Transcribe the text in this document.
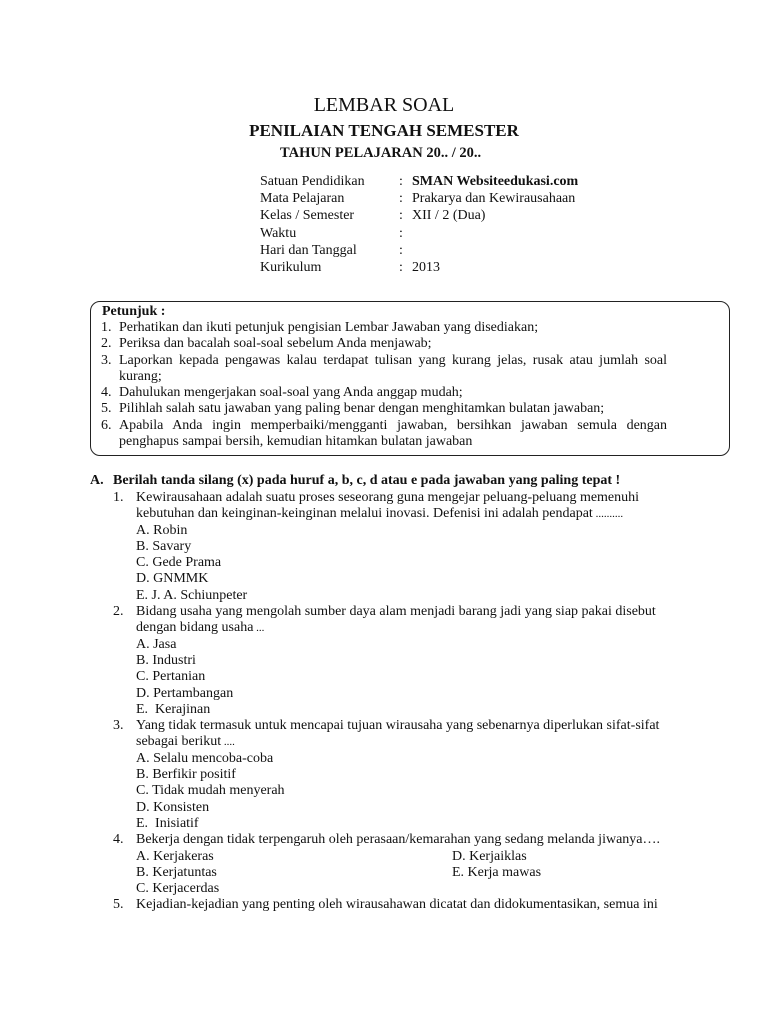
LEMBAR SOAL
PENILAIAN TENGAH SEMESTER
TAHUN PELAJARAN 20.. / 20..
Satuan Pendidikan	: SMAN Websiteedukasi.com
Mata Pelajaran	: Prakarya dan Kewirausahaan
Kelas / Semester	: XII / 2 (Dua)
Waktu	:
Hari dan Tanggal	:
Kurikulum	: 2013
Petunjuk :
1. Perhatikan dan ikuti petunjuk pengisian Lembar Jawaban yang disediakan;
2. Periksa dan bacalah soal-soal sebelum Anda menjawab;
3. Laporkan kepada pengawas kalau terdapat tulisan yang kurang jelas, rusak atau jumlah soal kurang;
4. Dahulukan mengerjakan soal-soal yang Anda anggap mudah;
5. Pilihlah salah satu jawaban yang paling benar dengan menghitamkan bulatan jawaban;
6. Apabila Anda ingin memperbaiki/mengganti jawaban, bersihkan jawaban semula dengan penghapus sampai bersih, kemudian hitamkan bulatan jawaban
A. Berilah tanda silang (x) pada huruf a, b, c, d atau e pada jawaban yang paling tepat !
1. Kewirausahaan adalah suatu proses seseorang guna mengejar peluang-peluang memenuhi kebutuhan dan keinginan-keinginan melalui inovasi. Defenisi ini adalah pendapat ..........
A. Robin
B. Savary
C. Gede Prama
D. GNMMK
E. J. A. Schiunpeter
2. Bidang usaha yang mengolah sumber daya alam menjadi barang jadi yang siap pakai disebut dengan bidang usaha ...
A. Jasa
B. Industri
C. Pertanian
D. Pertambangan
E.  Kerajinan
3. Yang tidak termasuk untuk mencapai tujuan wirausaha yang sebenarnya diperlukan sifat-sifat sebagai berikut ....
A. Selalu mencoba-coba
B. Berfikir positif
C. Tidak mudah menyerah
D. Konsisten
E.  Inisiatif
4. Bekerja dengan tidak terpengaruh oleh perasaan/kemarahan yang sedang melanda jiwanya….
A. Kerjakeras	D. Kerjaiklas
B. Kerjatuntas	E. Kerja mawas
C. Kerjacerdas
5. Kejadian-kejadian yang penting oleh wirausahawan dicatat dan didokumentasikan, semua ini
